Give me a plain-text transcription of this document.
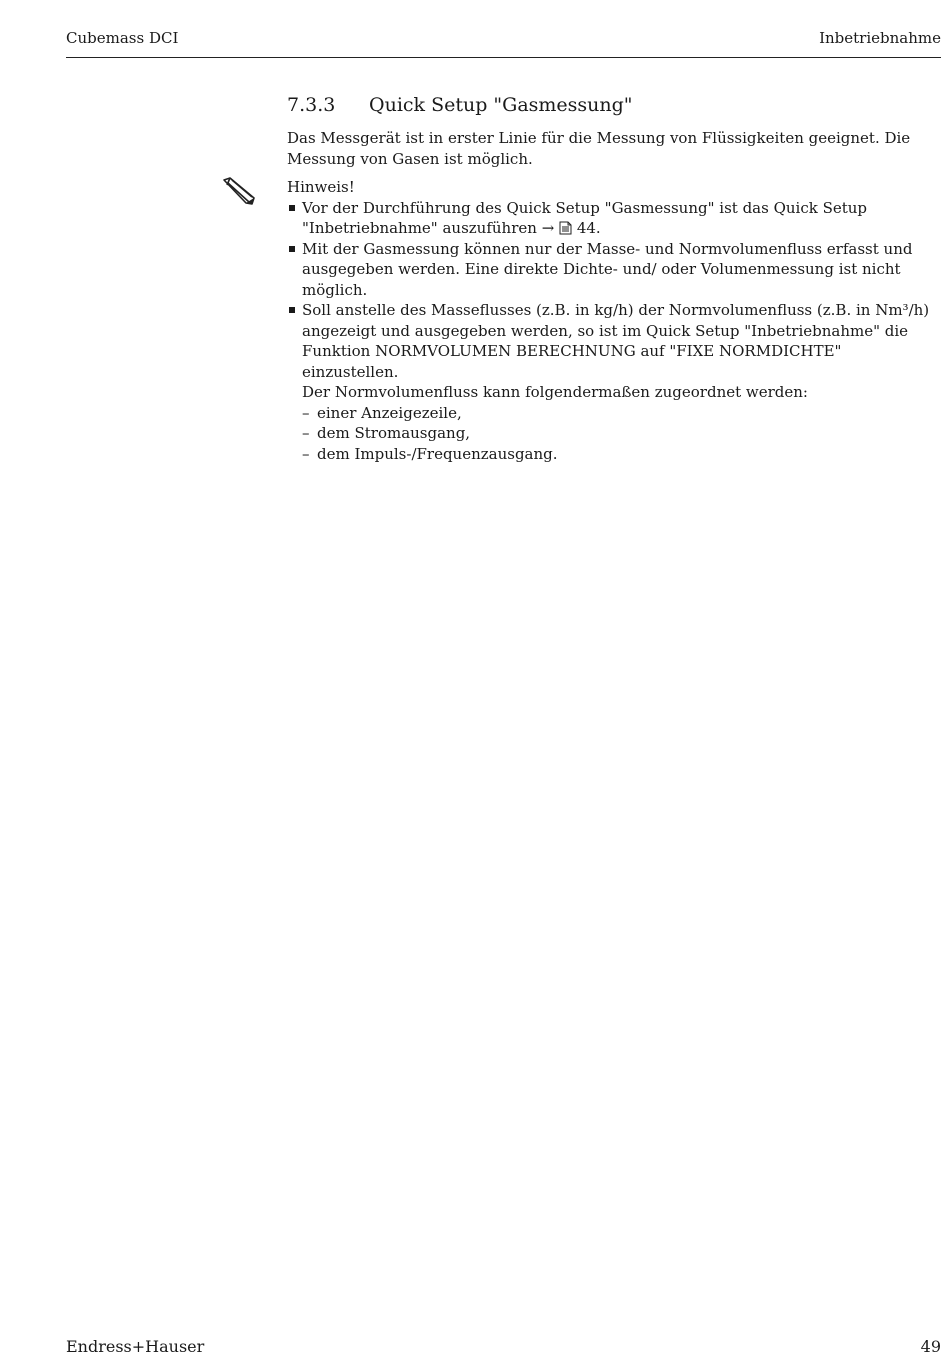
Cubemass DCI	Inbetriebnahme
7.3.3 Quick Setup "Gasmessung"
Das Messgerät ist in erster Linie für die Messung von Flüssigkeiten geeignet. Die Messung von Gasen ist möglich.
Hinweis!
Vor der Durchführung des Quick Setup "Gasmessung" ist das Quick Setup "Inbetriebnahme" auszuführen → 44.
Mit der Gasmessung können nur der Masse- und Normvolumenfluss erfasst und ausgegeben werden. Eine direkte Dichte- und/ oder Volumenmessung ist nicht möglich.
Soll anstelle des Masseflusses (z.B. in kg/h) der Normvolumenfluss (z.B. in Nm³/h) angezeigt und ausgegeben werden, so ist im Quick Setup "Inbetriebnahme" die Funktion NORMVOLUMEN BERECHNUNG auf "FIXE NORMDICHTE" einzustellen.
Der Normvolumenfluss kann folgendermaßen zugeordnet werden:
– einer Anzeigezeile,
– dem Stromausgang,
– dem Impuls-/Frequenzausgang.
Endress+Hauser	49
